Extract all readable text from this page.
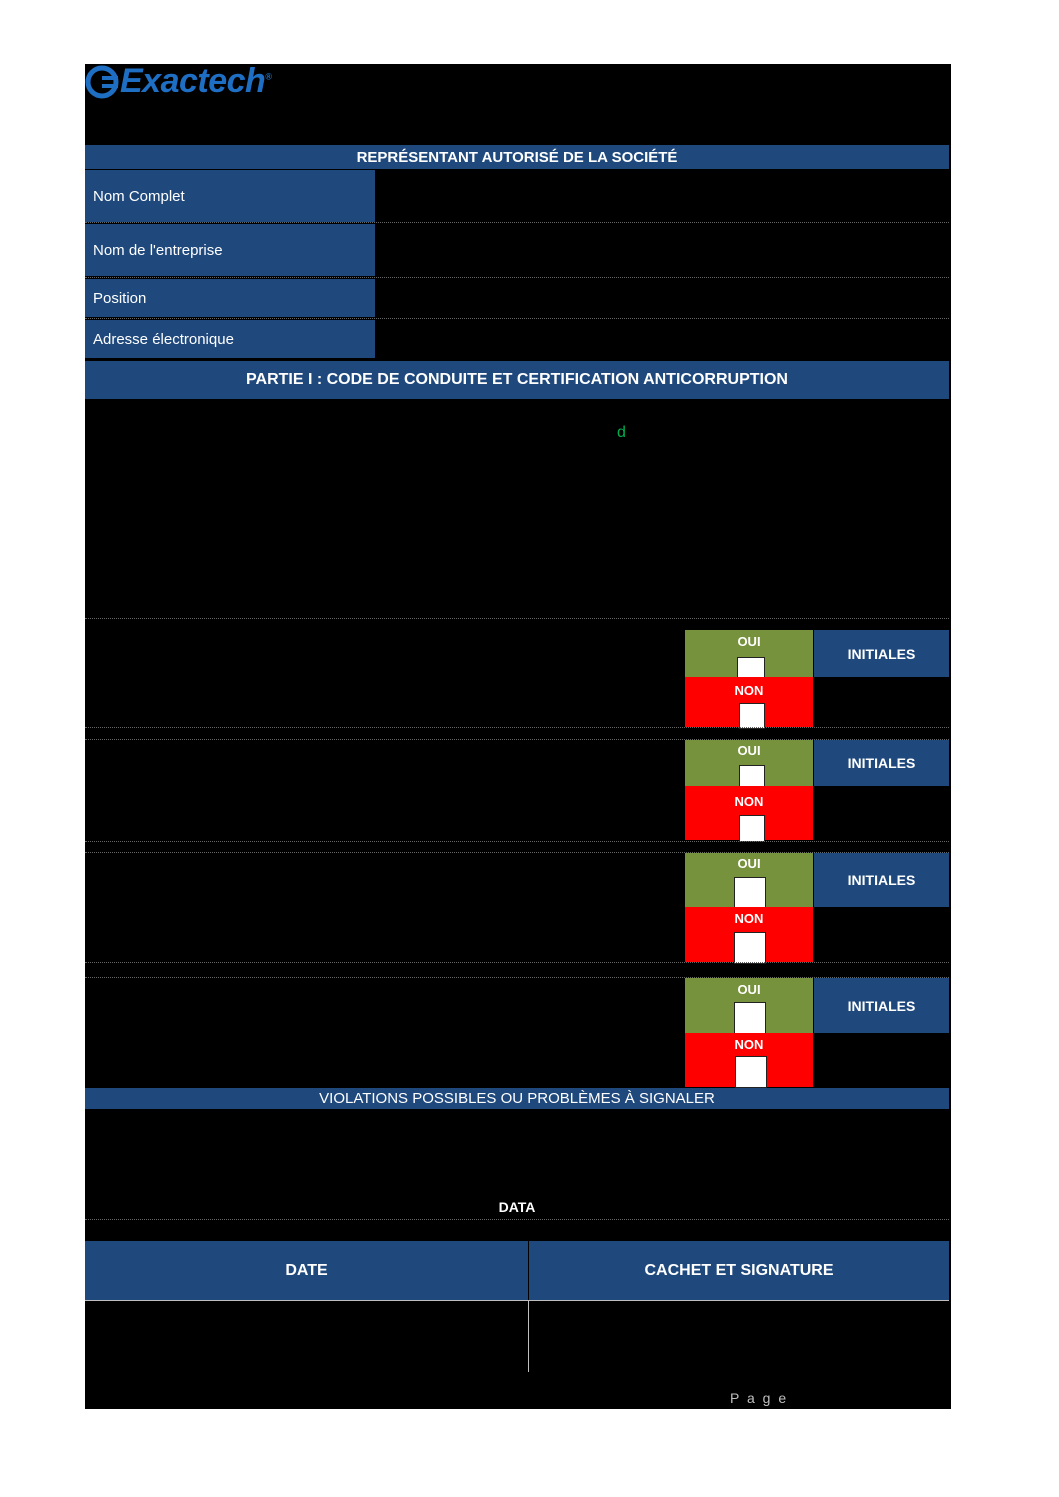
Exactech®
REPRÉSENTANT AUTORISÉ DE LA SOCIÉTÉ
Nom Complet
Nom de l'entreprise
Position
Adresse électronique
PARTIE I : CODE DE CONDUITE ET CERTIFICATION ANTICORRUPTION
d
OUI
NON
INITIALES
OUI
NON
INITIALES
OUI
NON
INITIALES
OUI
NON
INITIALES
VIOLATIONS POSSIBLES OU PROBLÈMES À SIGNALER
DATA
DATE	CACHET ET SIGNATURE
P a g e
